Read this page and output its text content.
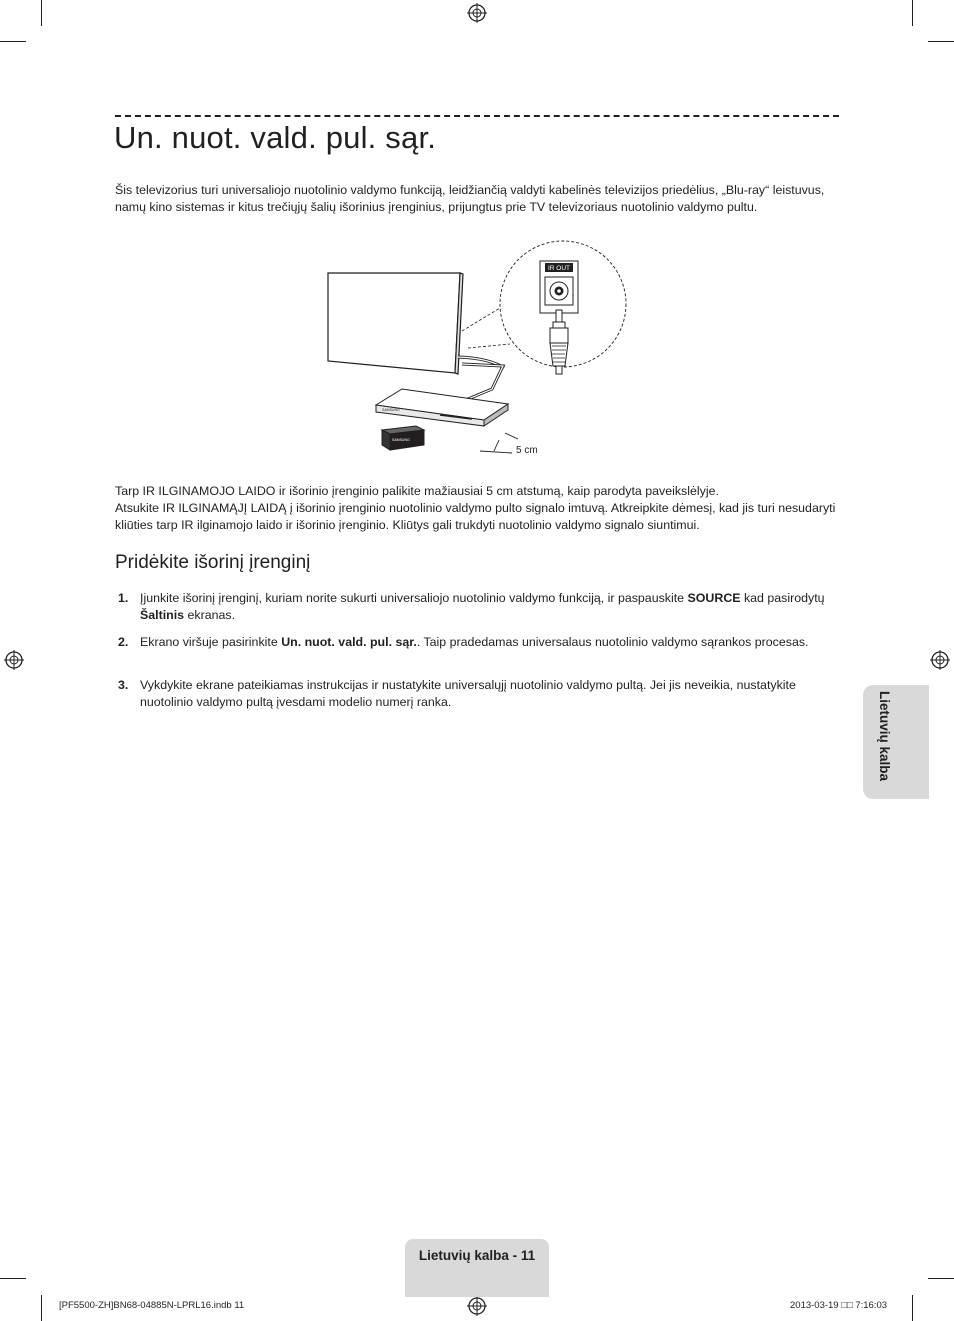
Un. nuot. vald. pul. sąr.

Šis televizorius turi universaliojo nuotolinio valdymo funkciją, leidžiančią valdyti kabelinės televizijos priedėlius, „Blu-ray“ leistuvus, namų kino sistemas ir kitus trečiųjų šalių išorinius įrenginius, prijungtus prie TV televizoriaus nuotolinio valdymo pultu.

IR OUT
SAMSUNG
SAMSUNG
5 cm

Tarp IR ILGINAMOJO LAIDO ir išorinio įrenginio palikite mažiausiai 5 cm atstumą, kaip parodyta paveikslėlyje.

Atsukite IR ILGINAMĄJĮ LAIDĄ į išorinio įrenginio nuotolinio valdymo pulto signalo imtuvą. Atkreipkite dėmesį, kad jis turi nesudaryti kliūties tarp IR ilginamojo laido ir išorinio įrenginio. Kliūtys gali trukdyti nuotolinio valdymo signalo siuntimui.

Pridėkite išorinį įrenginį
1. Įjunkite išorinį įrenginį, kuriam norite sukurti universaliojo nuotolinio valdymo funkciją, ir paspauskite SOURCE kad pasirodytų Šaltinis ekranas.
2. Ekrano viršuje pasirinkite Un. nuot. vald. pul. sąr.. Taip pradedamas universalaus nuotolinio valdymo sąrankos procesas.
3. Vykdykite ekrane pateikiamas instrukcijas ir nustatykite universalųjį nuotolinio valdymo pultą. Jei jis neveikia, nustatykite nuotolinio valdymo pultą įvesdami modelio numerį ranka.	Lietuvių kalba
Lietuvių kalba - 11
[PF5500-ZH]BN68-04885N-LPRL16.indb 11	2013-03-19 □□ 7:16:03
